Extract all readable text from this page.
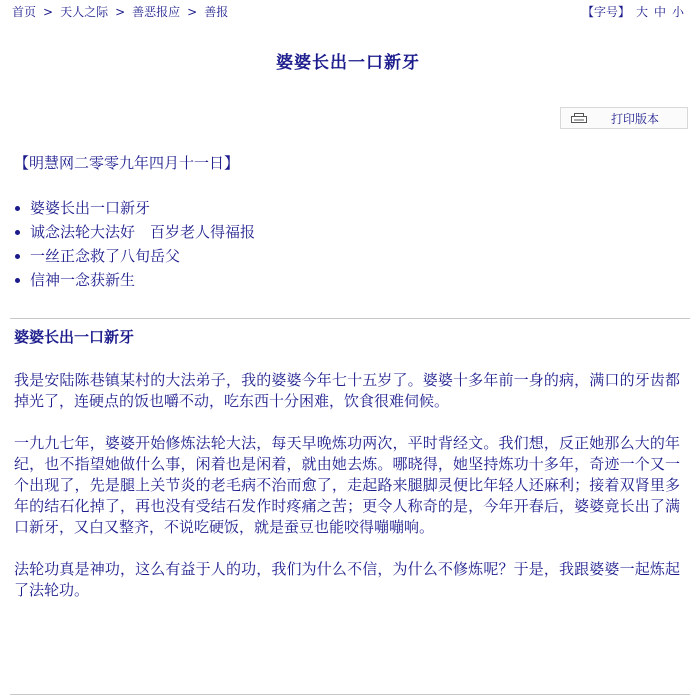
首页 > 天人之际 > 善恶报应 > 善报	【字号】 大 中 小
婆婆长出一口新牙
打印版本
【明慧网二零零九年四月十一日】
婆婆长出一口新牙
诚念法轮大法好　百岁老人得福报
一丝正念救了八旬岳父
信神一念获新生
婆婆长出一口新牙

我是安陆陈巷镇某村的大法弟子，我的婆婆今年七十五岁了。婆婆十多年前一身的病，满口的牙齿都掉光了，连硬点的饭也嚼不动，吃东西十分困难，饮食很难伺候。

一九九七年，婆婆开始修炼法轮大法，每天早晚炼功两次，平时背经文。我们想，反正她那么大的年纪，也不指望她做什么事，闲着也是闲着，就由她去炼。哪晓得，她坚持炼功十多年，奇迹一个又一个出现了，先是腿上关节炎的老毛病不治而愈了，走起路来腿脚灵便比年轻人还麻利；接着双肾里多年的结石化掉了，再也没有受结石发作时疼痛之苦；更令人称奇的是，今年开春后，婆婆竟长出了满口新牙，又白又整齐，不说吃硬饭，就是蚕豆也能咬得嘣嘣响。

法轮功真是神功，这么有益于人的功，我们为什么不信，为什么不修炼呢？于是，我跟婆婆一起炼起了法轮功。
